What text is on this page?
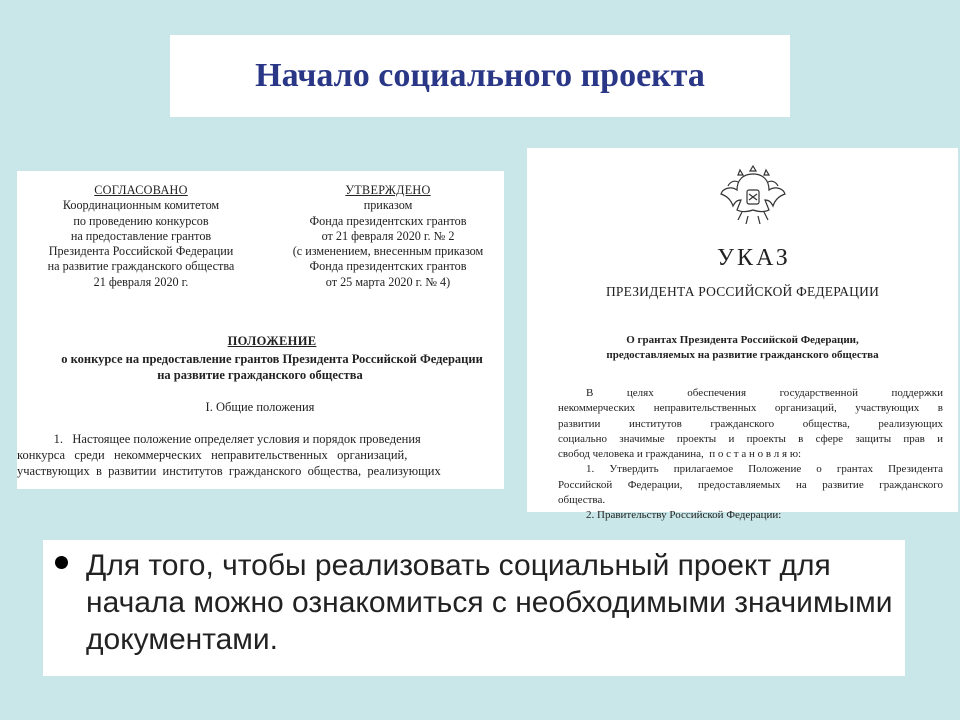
Начало социального проекта
СОГЛАСОВАНО
Координационным комитетом
по проведению конкурсов
на предоставление грантов
Президента Российской Федерации
на развитие гражданского общества
21 февраля 2020 г.
УТВЕРЖДЕНО
приказом
Фонда президентских грантов
от 21 февраля 2020 г. № 2
(с изменением, внесенным приказом
Фонда президентских грантов
от 25 марта 2020 г. № 4)
ПОЛОЖЕНИЕ
о конкурсе на предоставление грантов Президента Российской Федерации
на развитие гражданского общества
I. Общие положения
1.   Настоящее положение определяет условия и порядок проведения
конкурса   среди   некоммерческих   неправительственных   организаций,
участвующих  в  развитии  институтов  гражданского  общества,  реализующих
УКАЗ
ПРЕЗИДЕНТА РОССИЙСКОЙ ФЕДЕРАЦИИ
О грантах Президента Российской Федерации,
предоставляемых на развитие гражданского общества
В целях обеспечения государственной поддержки
некоммерческих неправительственных организаций, участвующих в
развитии институтов гражданского общества, реализующих
социально значимые проекты и проекты в сфере защиты прав и
свобод человека и гражданина,  п о с т а н о в л я ю:
1. Утвердить прилагаемое Положение о грантах Президента
Российской Федерации, предоставляемых на развитие гражданского
общества.
2. Правительству Российской Федерации:
Для того, чтобы реализовать социальный проект для начала можно ознакомиться с необходимыми значимыми документами.
